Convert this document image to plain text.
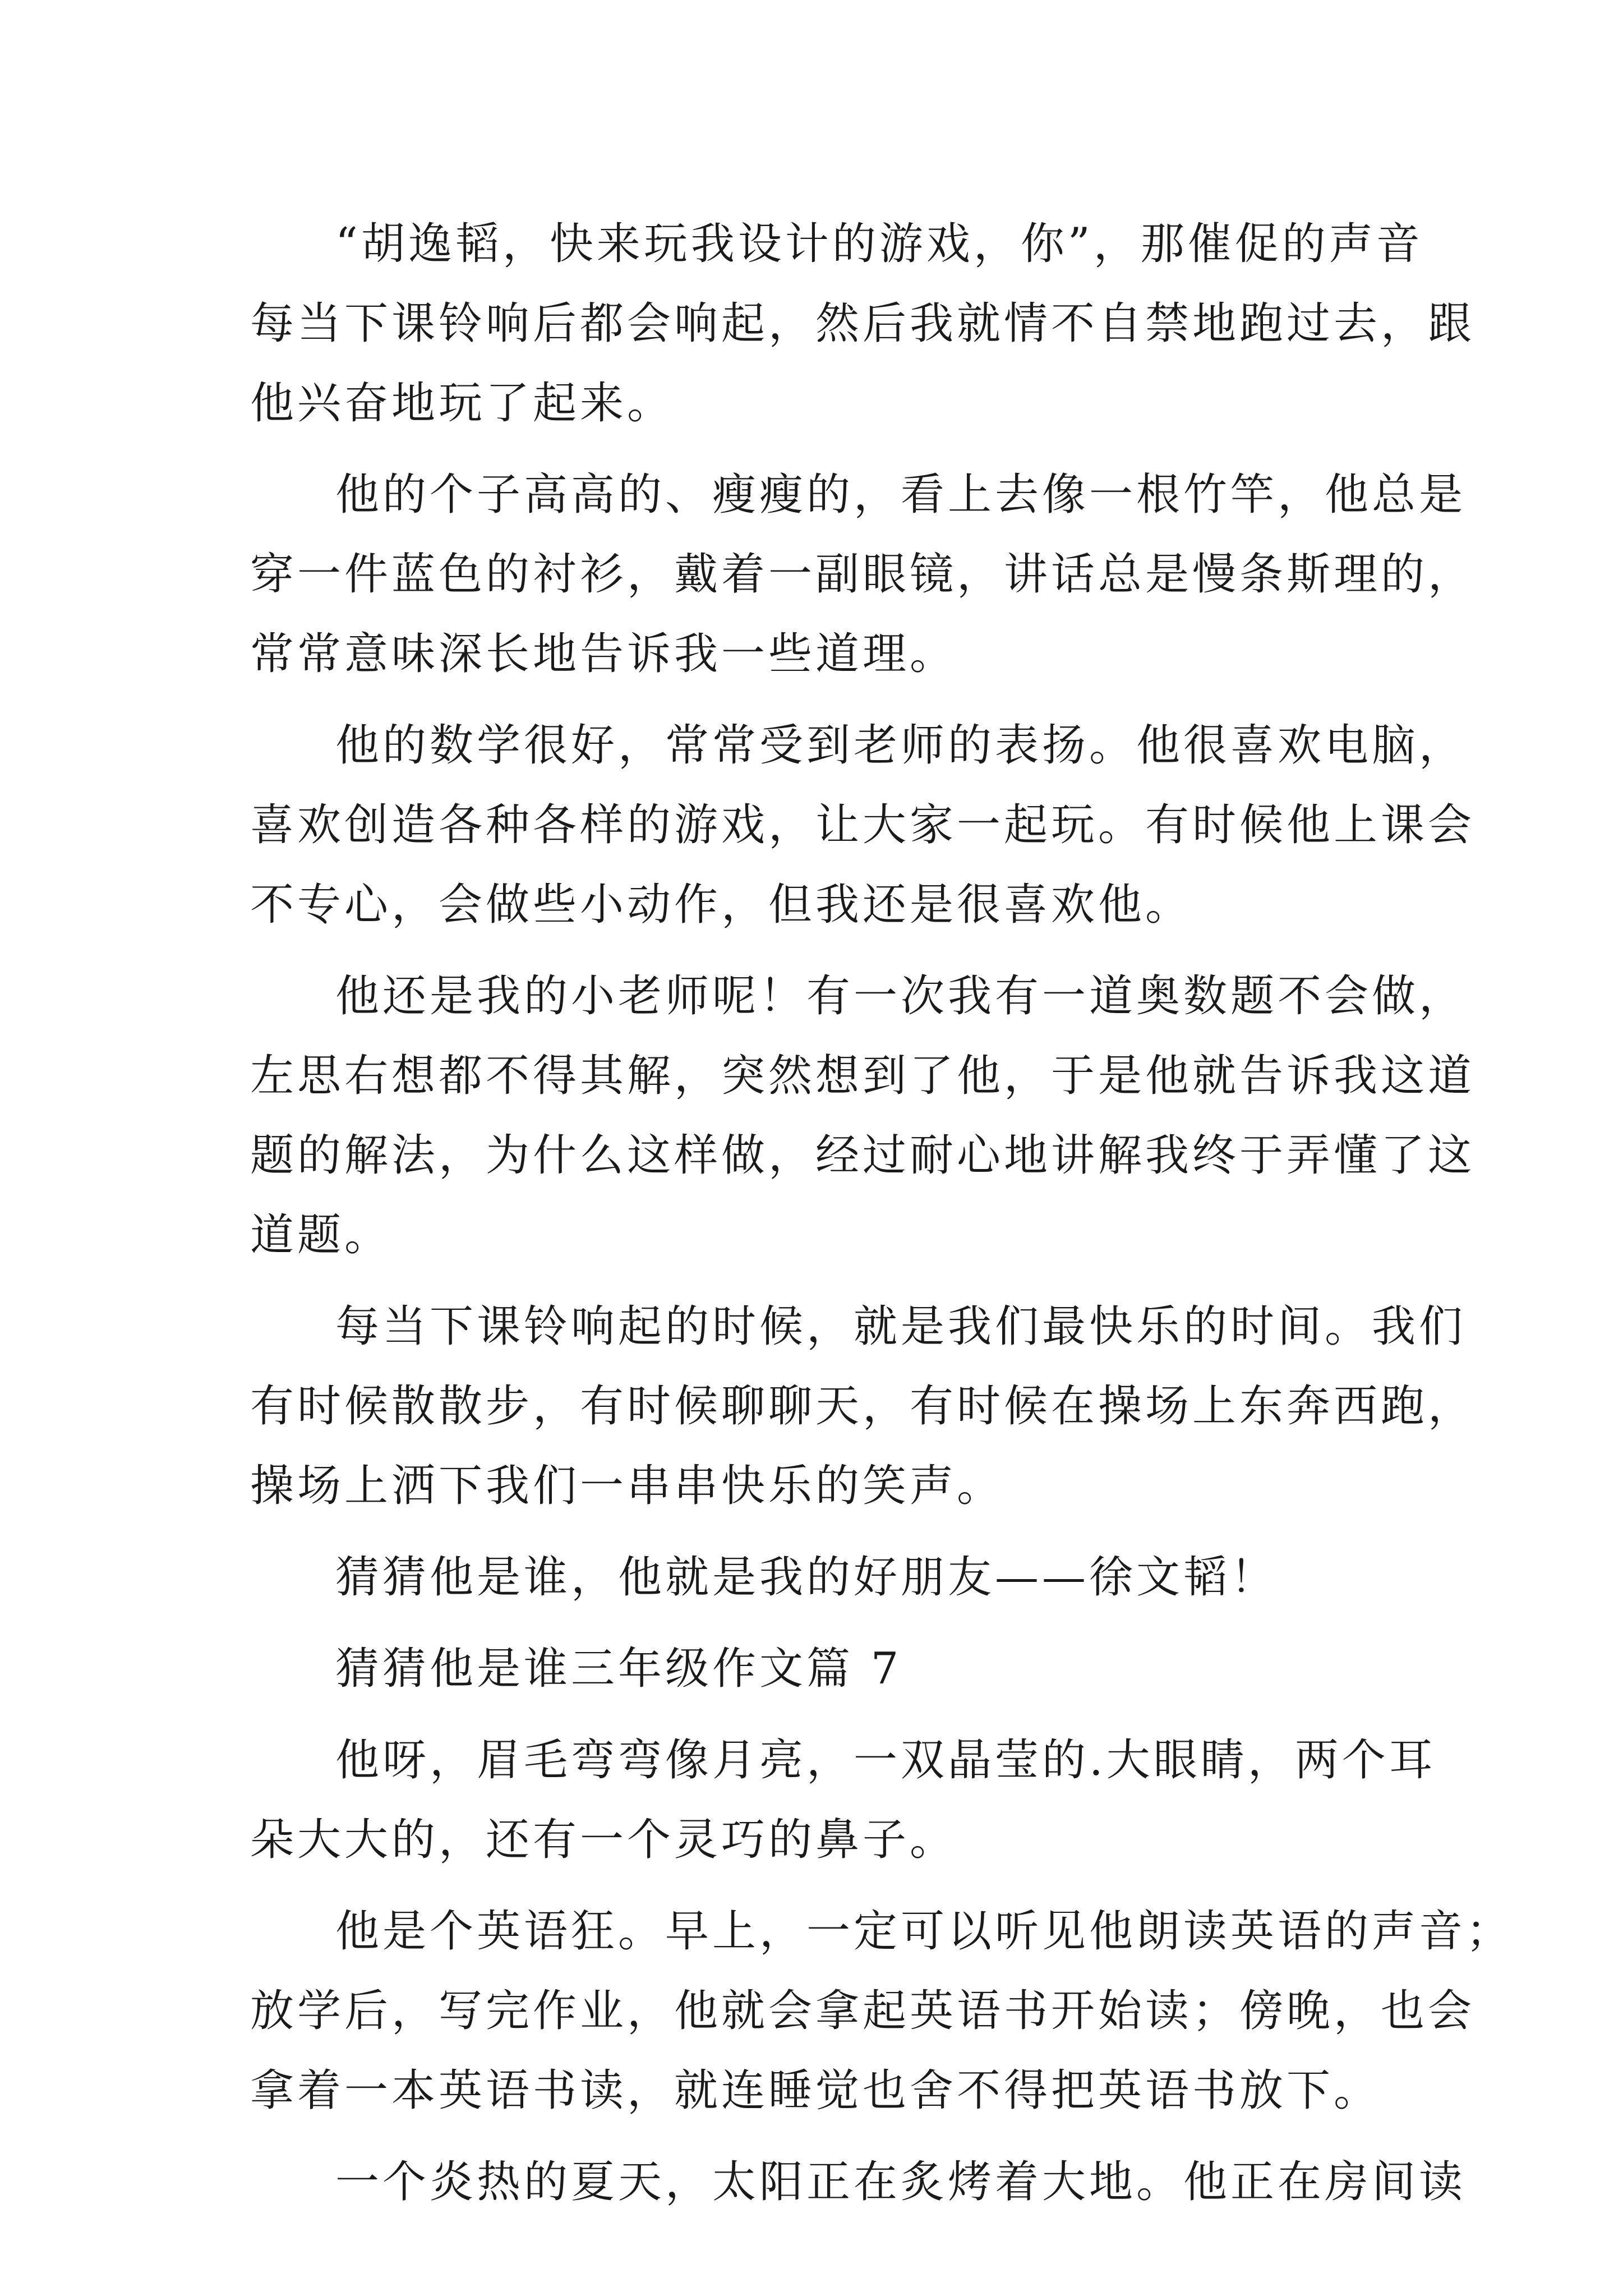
“胡逸韬，快来玩我设计的游戏，你”，那催促的声音
每当下课铃响后都会响起，然后我就情不自禁地跑过去，跟
他兴奋地玩了起来。
他的个子高高的、瘦瘦的，看上去像一根竹竿，他总是
穿一件蓝色的衬衫，戴着一副眼镜，讲话总是慢条斯理的，
常常意味深长地告诉我一些道理。
他的数学很好，常常受到老师的表扬。他很喜欢电脑，
喜欢创造各种各样的游戏，让大家一起玩。有时候他上课会
不专心，会做些小动作，但我还是很喜欢他。
他还是我的小老师呢！有一次我有一道奥数题不会做，
左思右想都不得其解，突然想到了他，于是他就告诉我这道
题的解法，为什么这样做，经过耐心地讲解我终于弄懂了这
道题。
每当下课铃响起的时候，就是我们最快乐的时间。我们
有时候散散步，有时候聊聊天，有时候在操场上东奔西跑，
操场上洒下我们一串串快乐的笑声。
猜猜他是谁，他就是我的好朋友——徐文韬！
猜猜他是谁三年级作文篇 7
他呀，眉毛弯弯像月亮，一双晶莹的.大眼睛，两个耳
朵大大的，还有一个灵巧的鼻子。
他是个英语狂。早上，一定可以听见他朗读英语的声音；
放学后，写完作业，他就会拿起英语书开始读；傍晚，也会
拿着一本英语书读，就连睡觉也舍不得把英语书放下。
一个炎热的夏天，太阳正在炙烤着大地。他正在房间读
